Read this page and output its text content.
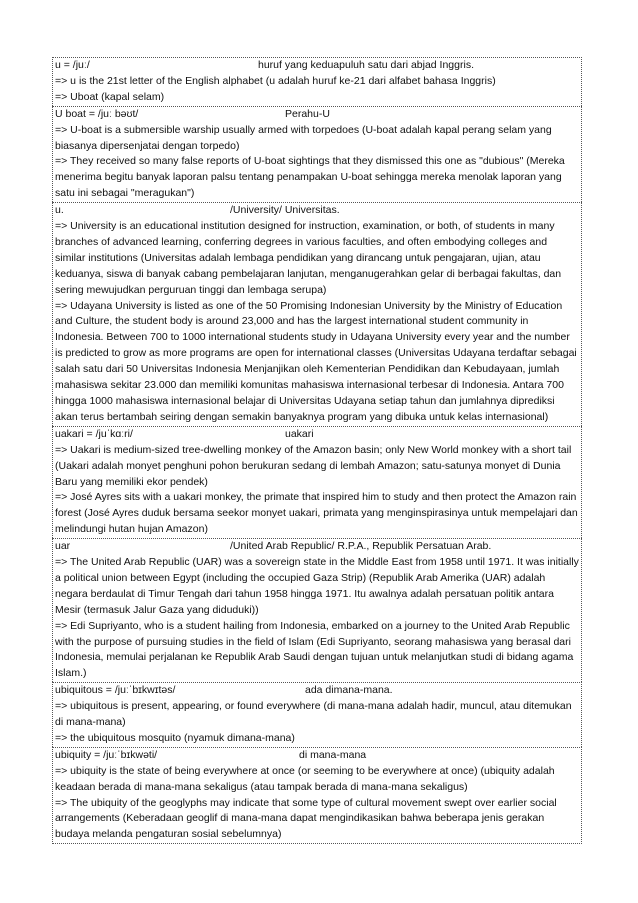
u = /juː/	huruf yang keduapuluh satu dari abjad Inggris.
=> u is the 21st letter of the English alphabet (u adalah huruf ke-21 dari alfabet bahasa Inggris)
=> Uboat (kapal selam)
U boat = /juː bəʊt/	Perahu-U
=> U-boat is a submersible warship usually armed with torpedoes (U-boat adalah kapal perang selam yang biasanya dipersenjatai dengan torpedo)
=> They received so many false reports of U-boat sightings that they dismissed this one as "dubious" (Mereka menerima begitu banyak laporan palsu tentang penampakan U-boat sehingga mereka menolak laporan yang satu ini sebagai "meragukan")
u.	/University/ Universitas.
=> University is an educational institution designed for instruction, examination, or both, of students in many branches of advanced learning, conferring degrees in various faculties, and often embodying colleges and similar institutions (Universitas adalah lembaga pendidikan yang dirancang untuk pengajaran, ujian, atau keduanya, siswa di banyak cabang pembelajaran lanjutan, menganugerahkan gelar di berbagai fakultas, dan sering mewujudkan perguruan tinggi dan lembaga serupa)
=> Udayana University is listed as one of the 50 Promising Indonesian University by the Ministry of Education and Culture, the student body is around 23,000 and has the largest international student community in Indonesia. Between 700 to 1000 international students study in Udayana University every year and the number is predicted to grow as more programs are open for international classes (Universitas Udayana terdaftar sebagai salah satu dari 50 Universitas Indonesia Menjanjikan oleh Kementerian Pendidikan dan Kebudayaan, jumlah mahasiswa sekitar 23.000 dan memiliki komunitas mahasiswa internasional terbesar di Indonesia. Antara 700 hingga 1000 mahasiswa internasional belajar di Universitas Udayana setiap tahun dan jumlahnya diprediksi akan terus bertambah seiring dengan semakin banyaknya program yang dibuka untuk kelas internasional)
uakari = /juˈkɑːri/	uakari
=> Uakari is medium-sized tree-dwelling monkey of the Amazon basin; only New World monkey with a short tail (Uakari adalah monyet penghuni pohon berukuran sedang di lembah Amazon; satu-satunya monyet di Dunia Baru yang memiliki ekor pendek)
=> José Ayres sits with a uakari monkey, the primate that inspired him to study and then protect the Amazon rain forest (José Ayres duduk bersama seekor monyet uakari, primata yang menginspirasinya untuk mempelajari dan melindungi hutan hujan Amazon)
uar	/United Arab Republic/ R.P.A., Republik Persatuan Arab.
=> The United Arab Republic (UAR) was a sovereign state in the Middle East from 1958 until 1971. It was initially a political union between Egypt (including the occupied Gaza Strip) (Republik Arab Amerika (UAR) adalah negara berdaulat di Timur Tengah dari tahun 1958 hingga 1971. Itu awalnya adalah persatuan politik antara Mesir (termasuk Jalur Gaza yang diduduki))
=> Edi Supriyanto, who is a student hailing from Indonesia, embarked on a journey to the United Arab Republic with the purpose of pursuing studies in the field of Islam (Edi Supriyanto, seorang mahasiswa yang berasal dari Indonesia, memulai perjalanan ke Republik Arab Saudi dengan tujuan untuk melanjutkan studi di bidang agama Islam.)
ubiquitous = /juːˈbɪkwɪtəs/	ada dimana-mana.
=> ubiquitous is present, appearing, or found everywhere (di mana-mana adalah hadir, muncul, atau ditemukan di mana-mana)
=> the ubiquitous mosquito (nyamuk dimana-mana)
ubiquity = /juːˈbɪkwəti/	di mana-mana
=> ubiquity is the state of being everywhere at once (or seeming to be everywhere at once) (ubiquity adalah keadaan berada di mana-mana sekaligus (atau tampak berada di mana-mana sekaligus)
=> The ubiquity of the geoglyphs may indicate that some type of cultural movement swept over earlier social arrangements (Keberadaan geoglif di mana-mana dapat mengindikasikan bahwa beberapa jenis gerakan budaya melanda pengaturan sosial sebelumnya)
